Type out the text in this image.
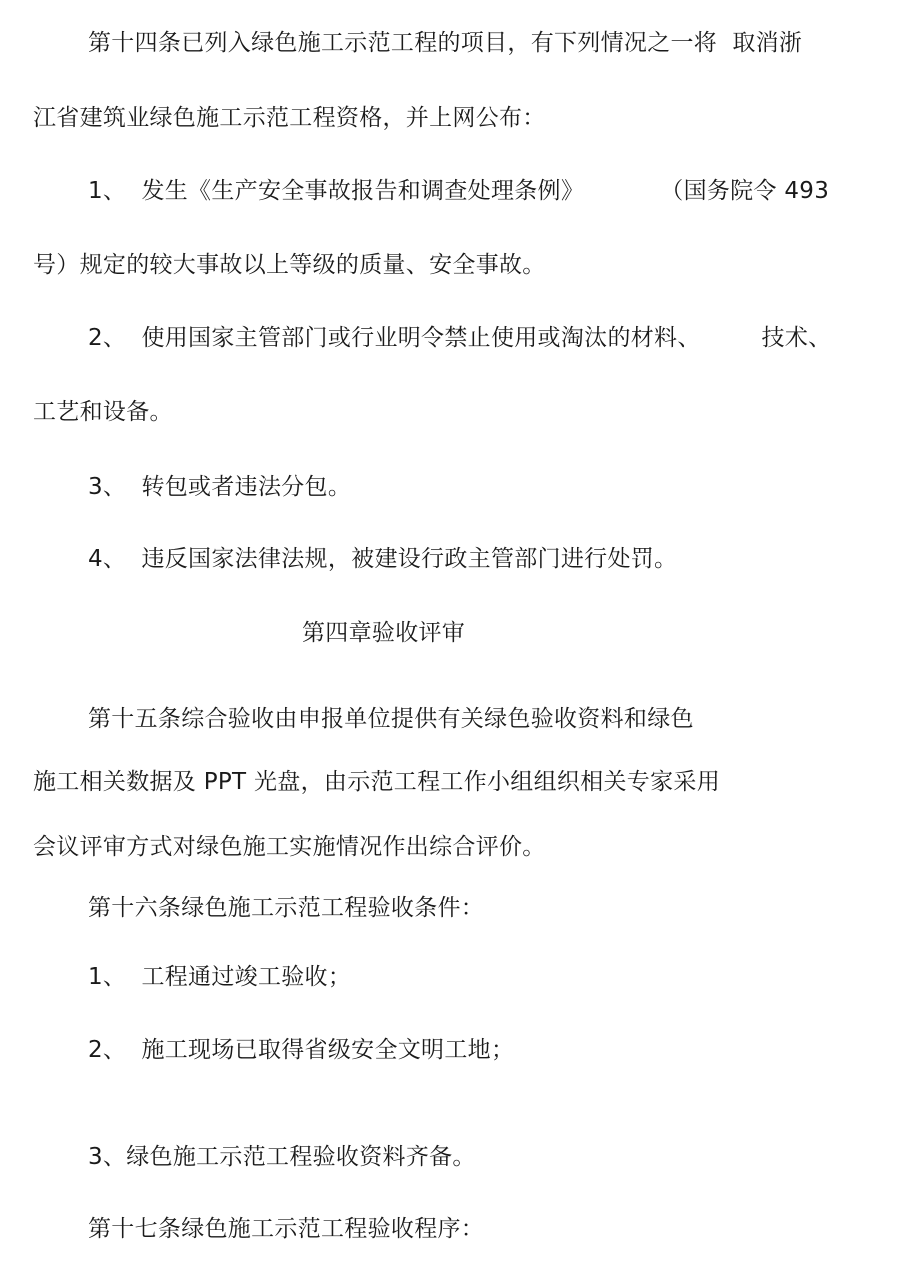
第十四条已列入绿色施工示范工程的项目，有下列情况之一将  取消浙

江省建筑业绿色施工示范工程资格，并上网公布：

1、  发生《生产安全事故报告和调查处理条例》          （国务院令 493

号）规定的较大事故以上等级的质量、安全事故。

2、  使用国家主管部门或行业明令禁止使用或淘汰的材料、        技术、

工艺和设备。

3、  转包或者违法分包。

4、  违反国家法律法规，被建设行政主管部门进行处罚。

第四章验收评审

第十五条综合验收由申报单位提供有关绿色验收资料和绿色

施工相关数据及 PPT 光盘，由示范工程工作小组组织相关专家采用

会议评审方式对绿色施工实施情况作出综合评价。

第十六条绿色施工示范工程验收条件：

1、  工程通过竣工验收；

2、  施工现场已取得省级安全文明工地；

3、绿色施工示范工程验收资料齐备。

第十七条绿色施工示范工程验收程序：
